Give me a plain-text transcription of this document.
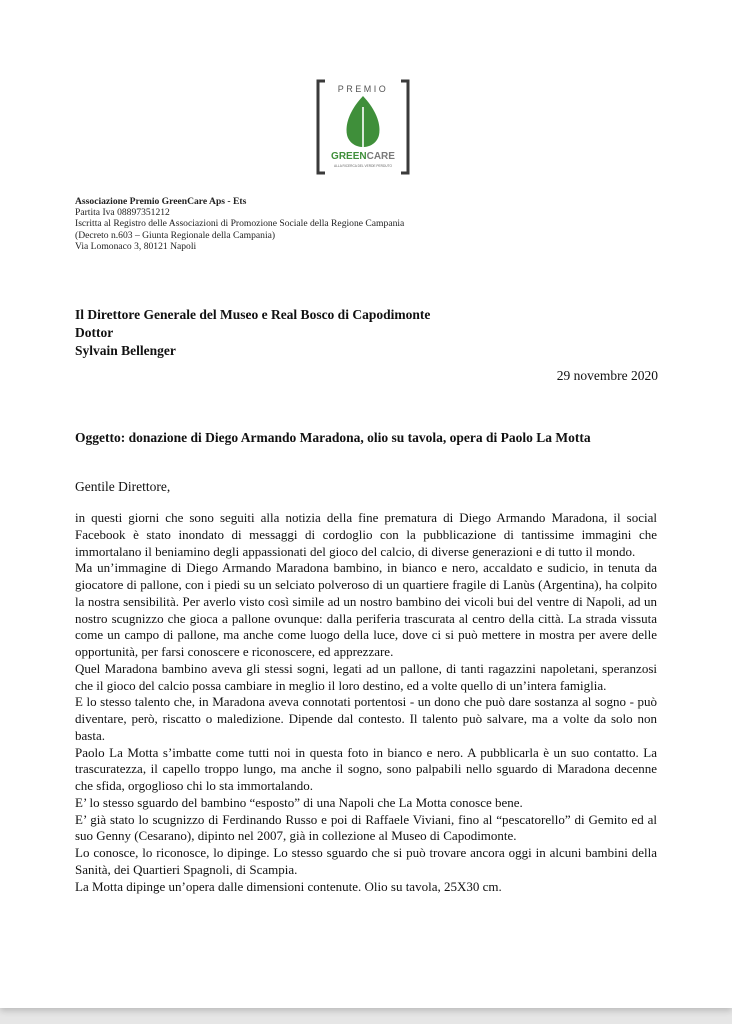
PREMIO
GREENCARE
ALLA RICERCA DEL VERDE PERDUTO
Associazione Premio GreenCare Aps - Ets
Partita Iva 08897351212
Iscritta al Registro delle Associazioni di Promozione Sociale della Regione Campania
(Decreto n.603 – Giunta Regionale della Campania)
Via Lomonaco 3, 80121 Napoli
Il Direttore Generale del Museo e Real Bosco di Capodimonte
Dottor
Sylvain Bellenger
29 novembre 2020
Oggetto: donazione di Diego Armando Maradona, olio su tavola, opera di Paolo La Motta
Gentile Direttore,

in questi giorni che sono seguiti alla notizia della fine prematura di Diego Armando Maradona, il social Facebook è stato inondato di messaggi di cordoglio con la pubblicazione di tantissime immagini che immortalano il beniamino degli appassionati del gioco del calcio, di diverse generazioni e di tutto il mondo.

Ma un’immagine di Diego Armando Maradona bambino, in bianco e nero, accaldato e sudicio, in tenuta da giocatore di pallone, con i piedi su un selciato polveroso di un quartiere fragile di Lanùs (Argentina), ha colpito la nostra sensibilità. Per averlo visto così simile ad un nostro bambino dei vicoli bui del ventre di Napoli, ad un nostro scugnizzo che gioca a pallone ovunque: dalla periferia trascurata al centro della città. La strada vissuta come un campo di pallone, ma anche come luogo della luce, dove ci si può mettere in mostra per avere delle opportunità, per farsi conoscere e riconoscere, ed apprezzare.

Quel Maradona bambino aveva gli stessi sogni, legati ad un pallone, di tanti ragazzini napoletani, speranzosi che il gioco del calcio possa cambiare in meglio il loro destino, ed a volte quello di un’intera famiglia.

E lo stesso talento che, in Maradona aveva connotati portentosi - un dono che può dare sostanza al sogno - può diventare, però, riscatto o maledizione. Dipende dal contesto. Il talento può salvare, ma a volte da solo non basta.

Paolo La Motta s’imbatte come tutti noi in questa foto in bianco e nero. A pubblicarla è un suo contatto. La trascuratezza, il capello troppo lungo, ma anche il sogno, sono palpabili nello sguardo di Maradona decenne che sfida, orgoglioso chi lo sta immortalando.

E’ lo stesso sguardo del bambino “esposto” di una Napoli che La Motta conosce bene.

E’ già stato lo scugnizzo di Ferdinando Russo e poi di Raffaele Viviani, fino al “pescatorello” di Gemito ed al suo Genny (Cesarano), dipinto nel 2007, già in collezione al Museo di Capodimonte.

Lo conosce, lo riconosce, lo dipinge. Lo stesso sguardo che si può trovare ancora oggi in alcuni bambini della Sanità, dei Quartieri Spagnoli, di Scampia.

La Motta dipinge un’opera dalle dimensioni contenute. Olio su tavola, 25X30 cm.
